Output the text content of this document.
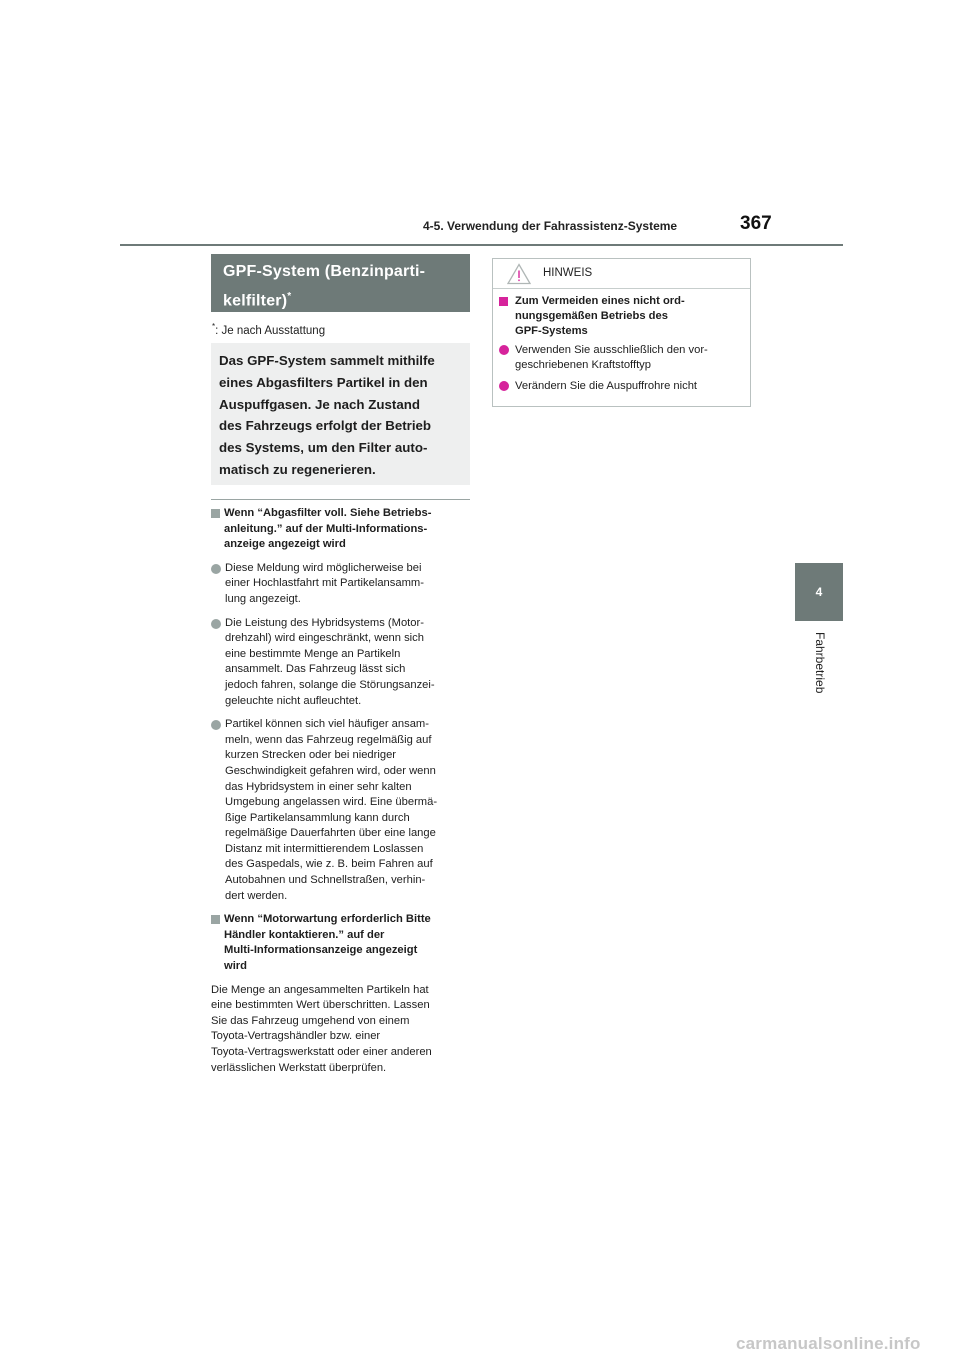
4-5. Verwendung der Fahrassistenz-Systeme	367
4
Fahrbetrieb
GPF-System (Benzinparti-
kelfilter)*
*: Je nach Ausstattung
Das GPF-System sammelt mithilfe
eines Abgasfilters Partikel in den
Auspuffgasen. Je nach Zustand
des Fahrzeugs erfolgt der Betrieb
des Systems, um den Filter auto-
matisch zu regenerieren.
Wenn “Abgasfilter voll. Siehe Betriebs-
anleitung.” auf der Multi-Informations-
anzeige angezeigt wird
Diese Meldung wird möglicherweise bei
einer Hochlastfahrt mit Partikelansamm-
lung angezeigt.
Die Leistung des Hybridsystems (Motor-
drehzahl) wird eingeschränkt, wenn sich
eine bestimmte Menge an Partikeln
ansammelt. Das Fahrzeug lässt sich
jedoch fahren, solange die Störungsanzei-
geleuchte nicht aufleuchtet.
Partikel können sich viel häufiger ansam-
meln, wenn das Fahrzeug regelmäßig auf
kurzen Strecken oder bei niedriger
Geschwindigkeit gefahren wird, oder wenn
das Hybridsystem in einer sehr kalten
Umgebung angelassen wird. Eine übermä-
ßige Partikelansammlung kann durch
regelmäßige Dauerfahrten über eine lange
Distanz mit intermittierendem Loslassen
des Gaspedals, wie z. B. beim Fahren auf
Autobahnen und Schnellstraßen, verhin-
dert werden.
Wenn “Motorwartung erforderlich Bitte
Händler kontaktieren.” auf der
Multi-Informationsanzeige angezeigt
wird
Die Menge an angesammelten Partikeln hat
eine bestimmten Wert überschritten. Lassen
Sie das Fahrzeug umgehend von einem
Toyota-Vertragshändler bzw. einer
Toyota-Vertragswerkstatt oder einer anderen
verlässlichen Werkstatt überprüfen.
HINWEIS
Zum Vermeiden eines nicht ord-
nungsgemäßen Betriebs des
GPF-Systems
Verwenden Sie ausschließlich den vor-
geschriebenen Kraftstofftyp
Verändern Sie die Auspuffrohre nicht
carmanualsonline.info
